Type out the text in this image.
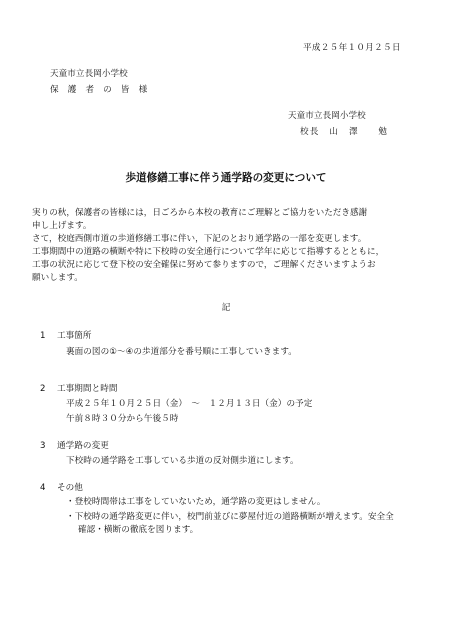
平成２５年１０月２５日
天童市立長岡小学校
保 護 者 の 皆 様
天童市立長岡小学校
校長　山　澤　　勉
歩道修繕工事に伴う通学路の変更について
実りの秋，保護者の皆様には，日ごろから本校の教育にご理解とご協力をいただき感謝
申し上げます。
さて，校庭西側市道の歩道修繕工事に伴い，下記のとおり通学路の一部を変更します。
工事期間中の道路の横断や特に下校時の安全通行について学年に応じて指導するとともに，
工事の状況に応じて登下校の安全確保に努めて参りますので，ご理解くださいますようお
願いします。
記
1 工事箇所
裏面の図の①～④の歩道部分を番号順に工事していきます。
2 工事期間と時間
平成２５年１０月２５日（金）　～　１２月１３日（金）の予定
午前８時３０分から午後５時
3 通学路の変更
下校時の通学路を工事している歩道の反対側歩道にします。
4 その他
・登校時間帯は工事をしていないため，通学路の変更はしません。
・下校時の通学路変更に伴い，校門前並びに夢屋付近の道路横断が増えます。安全全
確認・横断の徹底を図ります。
